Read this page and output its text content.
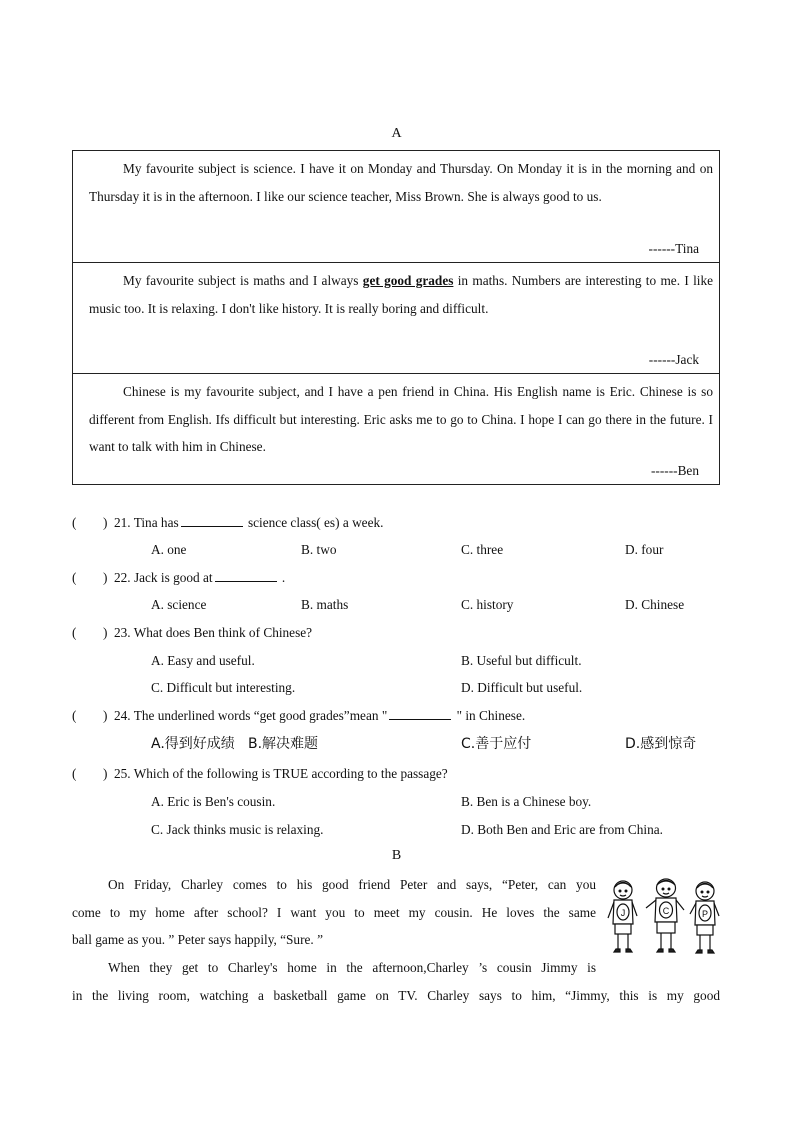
A
My favourite subject is science. I have it on Monday and Thursday. On Monday it is in the morning and on Thursday it is in the afternoon. I like our science teacher, Miss Brown. She is always good to us.
------Tina
My favourite subject is maths and I always get good grades in maths. Numbers are interesting to me. I like music too. It is relaxing. I don't like history. It is really boring and difficult.
------Jack
Chinese is my favourite subject, and I have a pen friend in China. His English name is Eric. Chinese is so different from English. Ifs difficult but interesting. Eric asks me to go to China. I hope I can go there in the future. I want to talk with him in Chinese.
------Ben
(　　) 21. Tina has	science class( es) a week.
A. one	B. two	C. three	D. four
(　　) 22. Jack is good at	.
A. science	B. maths	C. history	D. Chinese
(　　) 23. What does Ben think of Chinese?
A. Easy and useful.	B. Useful but difficult.
C. Difficult but interesting.	D. Difficult but useful.
(　　) 24. The underlined words “get good grades”mean "	" in Chinese.
A.得到好成绩 B.解决难题	C.善于应付	D.感到惊奇
(　　) 25. Which of the following is TRUE according to the passage?
A. Eric is Ben's cousin.	B. Ben is a Chinese boy.
C. Jack thinks music is relaxing.	D. Both Ben and Eric are from China.
B
On Friday, Charley comes to his good friend Peter and says, “Peter, can you
come to my home after school? I want you to meet my cousin. He loves the same
ball game as you. ” Peter says happily, “Sure. ”
When they get to Charley's home in the afternoon,Charley ’s cousin Jimmy is
in the living room, watching a basketball game on TV. Charley says to him, “Jimmy, this is my good
J	C	P
